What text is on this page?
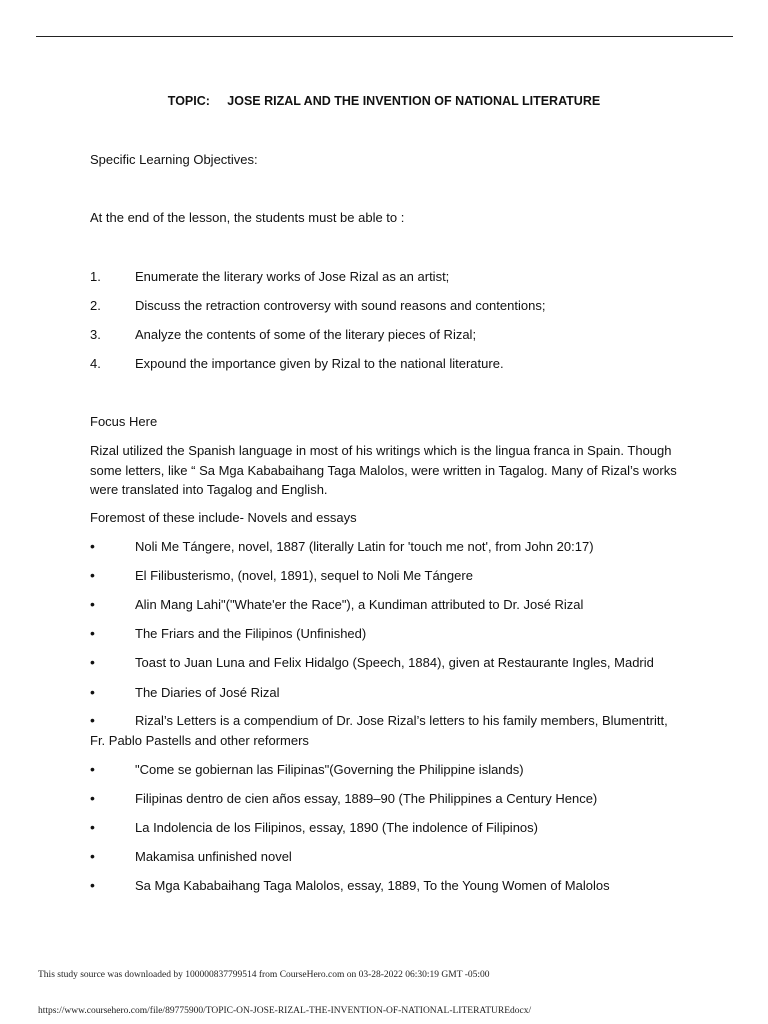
TOPIC:     JOSE RIZAL AND THE INVENTION OF NATIONAL LITERATURE
Specific Learning Objectives:
At the end of the lesson, the students must be able to :
1.	Enumerate the literary works of Jose Rizal as an artist;
2.	Discuss the retraction controversy with sound reasons and contentions;
3.	Analyze the contents of some of the literary pieces of Rizal;
4.	Expound the importance given by Rizal to the national literature.
Focus Here
Rizal utilized the Spanish language in most of his writings which is the lingua franca in Spain. Though some letters, like “ Sa Mga Kababaihang Taga Malolos, were written in Tagalog. Many of Rizal’s works were translated into Tagalog and English.
Foremost of these include- Novels and essays
•	Noli Me Tángere, novel, 1887 (literally Latin for 'touch me not', from John 20:17)
•	El Filibusterismo, (novel, 1891), sequel to Noli Me Tángere
•	Alin Mang Lahi"("Whate'er the Race"), a Kundiman attributed to Dr. José Rizal
•	The Friars and the Filipinos (Unfinished)
•	Toast to Juan Luna and Felix Hidalgo (Speech, 1884), given at Restaurante Ingles, Madrid
•	The Diaries of José Rizal
•	Rizal’s Letters is a compendium of Dr. Jose Rizal’s letters to his family members, Blumentritt, Fr. Pablo Pastells and other reformers
•	"Come se gobiernan las Filipinas"(Governing the Philippine islands)
•	Filipinas dentro de cien años essay, 1889–90 (The Philippines a Century Hence)
•	La Indolencia de los Filipinos, essay, 1890 (The indolence of Filipinos)
•	Makamisa unfinished novel
•	Sa Mga Kababaihang Taga Malolos, essay, 1889, To the Young Women of Malolos
This study source was downloaded by 100000837799514 from CourseHero.com on 03-28-2022 06:30:19 GMT -05:00
https://www.coursehero.com/file/89775900/TOPIC-ON-JOSE-RIZAL-THE-INVENTION-OF-NATIONAL-LITERATUREdocx/
